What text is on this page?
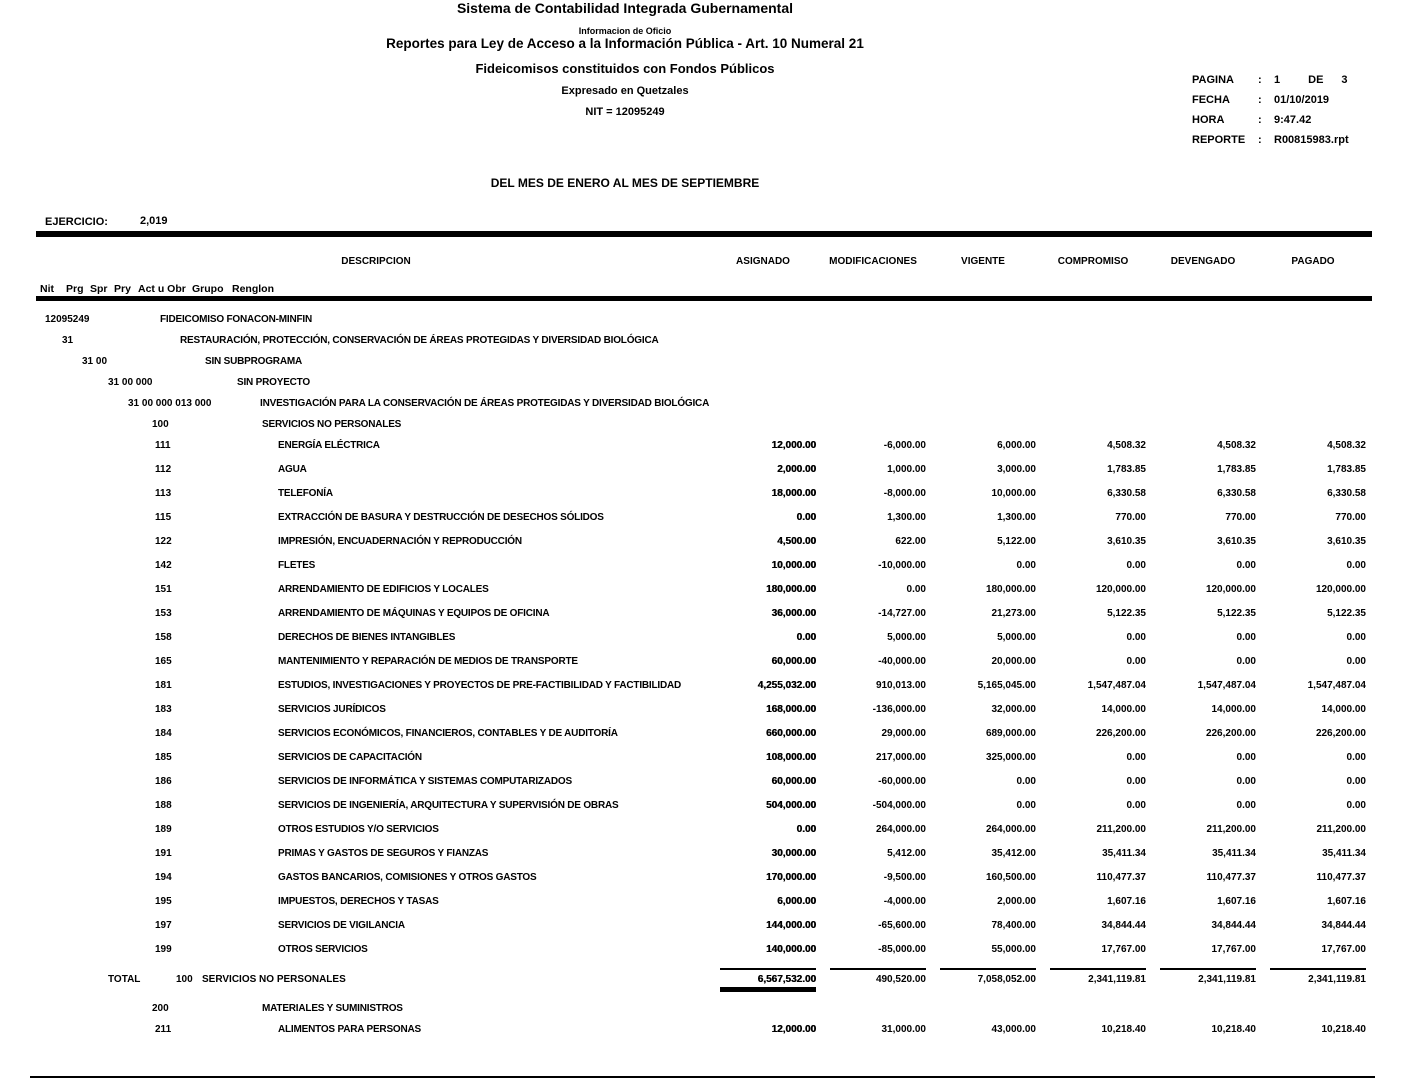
Sistema de Contabilidad Integrada Gubernamental
Informacion de Oficio
Reportes para Ley de Acceso a la Información Pública - Art. 10 Numeral 21
Fideicomisos constituidos con Fondos Públicos
Expresado en Quetzales
NIT = 12095249
DEL MES DE ENERO AL MES DE SEPTIEMBRE
PAGINA	:	1	DE 3
FECHA	:	01/10/2019
HORA	:	9:47.42
REPORTE	:	R00815983.rpt
EJERCICIO:	2,019
DESCRIPCION	ASIGNADO	MODIFICACIONES	VIGENTE	COMPROMISO	DEVENGADO	PAGADO
Nit Prg Spr Pry Act u Obr Grupo Renglon
12095249	FIDEICOMISO FONACON-MINFIN
31	RESTAURACIÓN, PROTECCIÓN, CONSERVACIÓN DE ÁREAS PROTEGIDAS Y DIVERSIDAD BIOLÓGICA
31 00	SIN SUBPROGRAMA
31 00 000	SIN PROYECTO
31 00 000 013 000	INVESTIGACIÓN PARA LA CONSERVACIÓN DE ÁREAS PROTEGIDAS Y DIVERSIDAD BIOLÓGICA
100	SERVICIOS NO PERSONALES
111	ENERGÍA ELÉCTRICA	12,000.00	-6,000.00	6,000.00	4,508.32	4,508.32	4,508.32
112	AGUA	2,000.00	1,000.00	3,000.00	1,783.85	1,783.85	1,783.85
113	TELEFONÍA	18,000.00	-8,000.00	10,000.00	6,330.58	6,330.58	6,330.58
115	EXTRACCIÓN DE BASURA Y DESTRUCCIÓN DE DESECHOS SÓLIDOS	0.00	1,300.00	1,300.00	770.00	770.00	770.00
122	IMPRESIÓN, ENCUADERNACIÓN Y REPRODUCCIÓN	4,500.00	622.00	5,122.00	3,610.35	3,610.35	3,610.35
142	FLETES	10,000.00	-10,000.00	0.00	0.00	0.00	0.00
151	ARRENDAMIENTO DE EDIFICIOS Y LOCALES	180,000.00	0.00	180,000.00	120,000.00	120,000.00	120,000.00
153	ARRENDAMIENTO DE MÁQUINAS Y EQUIPOS DE OFICINA	36,000.00	-14,727.00	21,273.00	5,122.35	5,122.35	5,122.35
158	DERECHOS DE BIENES INTANGIBLES	0.00	5,000.00	5,000.00	0.00	0.00	0.00
165	MANTENIMIENTO Y REPARACIÓN DE MEDIOS DE TRANSPORTE	60,000.00	-40,000.00	20,000.00	0.00	0.00	0.00
181	ESTUDIOS, INVESTIGACIONES Y PROYECTOS DE PRE-FACTIBILIDAD Y FACTIBILIDAD	4,255,032.00	910,013.00	5,165,045.00	1,547,487.04	1,547,487.04	1,547,487.04
183	SERVICIOS JURÍDICOS	168,000.00	-136,000.00	32,000.00	14,000.00	14,000.00	14,000.00
184	SERVICIOS ECONÓMICOS, FINANCIEROS, CONTABLES Y DE AUDITORÍA	660,000.00	29,000.00	689,000.00	226,200.00	226,200.00	226,200.00
185	SERVICIOS DE CAPACITACIÓN	108,000.00	217,000.00	325,000.00	0.00	0.00	0.00
186	SERVICIOS DE INFORMÁTICA Y SISTEMAS COMPUTARIZADOS	60,000.00	-60,000.00	0.00	0.00	0.00	0.00
188	SERVICIOS DE INGENIERÍA, ARQUITECTURA Y SUPERVISIÓN DE OBRAS	504,000.00	-504,000.00	0.00	0.00	0.00	0.00
189	OTROS ESTUDIOS Y/O SERVICIOS	0.00	264,000.00	264,000.00	211,200.00	211,200.00	211,200.00
191	PRIMAS Y GASTOS DE SEGUROS Y FIANZAS	30,000.00	5,412.00	35,412.00	35,411.34	35,411.34	35,411.34
194	GASTOS BANCARIOS, COMISIONES Y OTROS GASTOS	170,000.00	-9,500.00	160,500.00	110,477.37	110,477.37	110,477.37
195	IMPUESTOS, DERECHOS Y TASAS	6,000.00	-4,000.00	2,000.00	1,607.16	1,607.16	1,607.16
197	SERVICIOS DE VIGILANCIA	144,000.00	-65,600.00	78,400.00	34,844.44	34,844.44	34,844.44
199	OTROS SERVICIOS	140,000.00	-85,000.00	55,000.00	17,767.00	17,767.00	17,767.00
TOTAL	100 SERVICIOS NO PERSONALES	6,567,532.00	490,520.00	7,058,052.00	2,341,119.81	2,341,119.81	2,341,119.81
200	MATERIALES Y SUMINISTROS
211	ALIMENTOS PARA PERSONAS	12,000.00	31,000.00	43,000.00	10,218.40	10,218.40	10,218.40
